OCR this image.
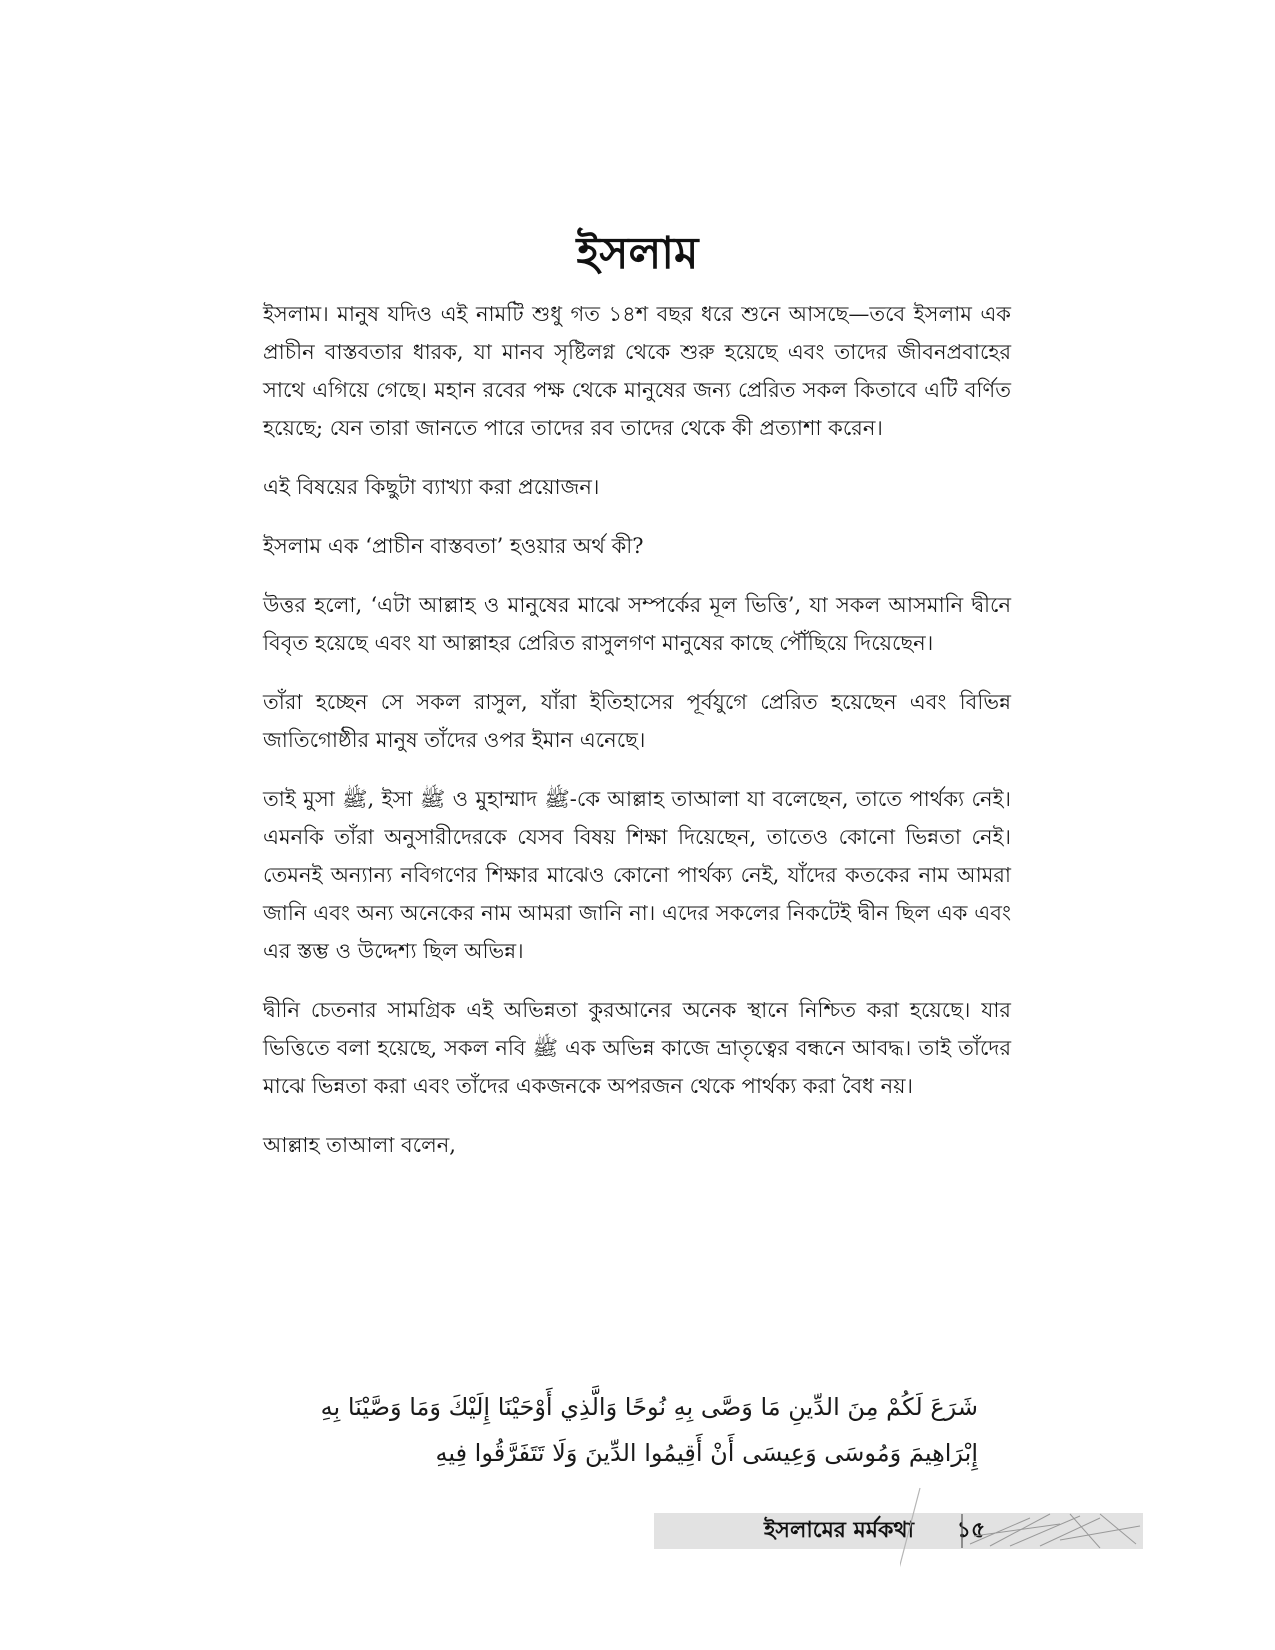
ইসলাম

ইসলাম। মানুষ যদিও এই নামটি শুধু গত ১৪শ বছর ধরে শুনে আসছে—তবে ইসলাম এক প্রাচীন বাস্তবতার ধারক, যা মানব সৃষ্টিলগ্ন থেকে শুরু হয়েছে এবং তাদের জীবনপ্রবাহের সাথে এগিয়ে গেছে। মহান রবের পক্ষ থেকে মানুষের জন্য প্রেরিত সকল কিতাবে এটি বর্ণিত হয়েছে; যেন তারা জানতে পারে তাদের রব তাদের থেকে কী প্রত্যাশা করেন।

এই বিষয়ের কিছুটা ব্যাখ্যা করা প্রয়োজন।

ইসলাম এক ‘প্রাচীন বাস্তবতা’ হওয়ার অর্থ কী?

উত্তর হলো, ‘এটা আল্লাহ ও মানুষের মাঝে সম্পর্কের মূল ভিত্তি’, যা সকল আসমানি দ্বীনে বিবৃত হয়েছে এবং যা আল্লাহর প্রেরিত রাসুলগণ মানুষের কাছে পৌঁছিয়ে দিয়েছেন।

তাঁরা হচ্ছেন সে সকল রাসুল, যাঁরা ইতিহাসের পূর্বযুগে প্রেরিত হয়েছেন এবং বিভিন্ন জাতিগোষ্ঠীর মানুষ তাঁদের ওপর ইমান এনেছে।

তাই মুসা ﷺ, ইসা ﷺ ও মুহাম্মাদ ﷺ-কে আল্লাহ তাআলা যা বলেছেন, তাতে পার্থক্য নেই। এমনকি তাঁরা অনুসারীদেরকে যেসব বিষয় শিক্ষা দিয়েছেন, তাতেও কোনো ভিন্নতা নেই। তেমনই অন্যান্য নবিগণের শিক্ষার মাঝেও কোনো পার্থক্য নেই, যাঁদের কতকের নাম আমরা জানি এবং অন্য অনেকের নাম আমরা জানি না। এদের সকলের নিকটেই দ্বীন ছিল এক এবং এর স্তম্ভ ও উদ্দেশ্য ছিল অভিন্ন।

দ্বীনি চেতনার সামগ্রিক এই অভিন্নতা কুরআনের অনেক স্থানে নিশ্চিত করা হয়েছে। যার ভিত্তিতে বলা হয়েছে, সকল নবি ﷺ এক অভিন্ন কাজে ভ্রাতৃত্বের বন্ধনে আবদ্ধ। তাই তাঁদের মাঝে ভিন্নতা করা এবং তাঁদের একজনকে অপরজন থেকে পার্থক্য করা বৈধ নয়।

আল্লাহ তাআলা বলেন,

شَرَعَ لَكُمْ مِنَ الدِّينِ مَا وَصَّى بِهِ نُوحًا وَالَّذِي أَوْحَيْنَا إِلَيْكَ وَمَا وَصَّيْنَا بِهِ
إِبْرَاهِيمَ وَمُوسَى وَعِيسَى أَنْ أَقِيمُوا الدِّينَ وَلَا تَتَفَرَّقُوا فِيهِ
ইসলামের মর্মকথা	১৫
